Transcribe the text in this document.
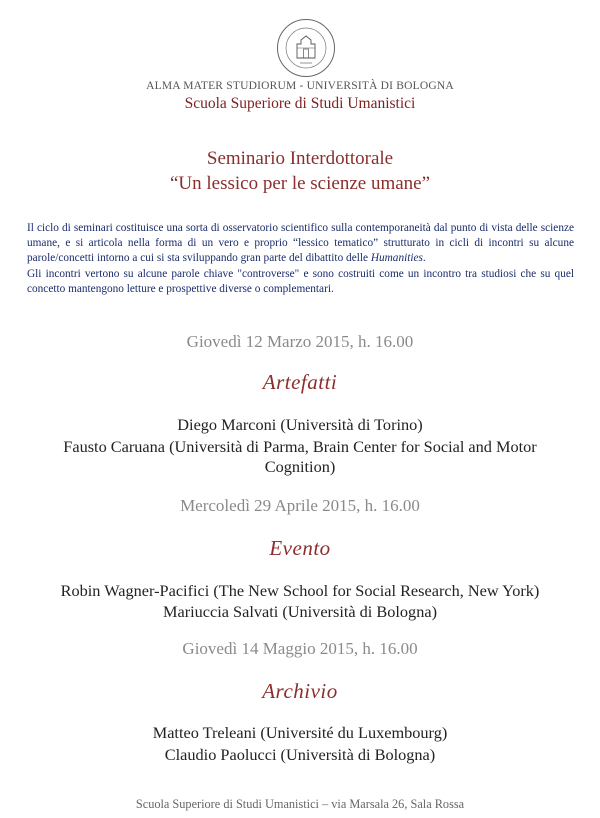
ALMA MATER STUDIORUM - UNIVERSITÀ DI BOLOGNA
Scuola Superiore di Studi Umanistici
Seminario Interdottorale
“Un lessico per le scienze umane”

Il ciclo di seminari costituisce una sorta di osservatorio scientifico sulla contemporaneità dal punto di vista delle scienze umane, e si articola nella forma di un vero e proprio “lessico tematico” strutturato in cicli di incontri su alcune parole/concetti intorno a cui si sta sviluppando gran parte del dibattito delle Humanities.

Gli incontri vertono su alcune parole chiave "controverse" e sono costruiti come un incontro tra studiosi che su quel concetto mantengono letture e prospettive diverse o complementari.

Giovedì 12 Marzo 2015, h. 16.00
Artefatti
Diego Marconi (Università di Torino)
Fausto Caruana (Università di Parma, Brain Center for Social and Motor Cognition)
Mercoledì 29 Aprile 2015, h. 16.00
Evento
Robin Wagner-Pacifici (The New School for Social Research, New York)
Mariuccia Salvati (Università di Bologna)
Giovedì 14 Maggio 2015, h. 16.00
Archivio
Matteo Treleani (Université du Luxembourg)
Claudio Paolucci (Università di Bologna)
Scuola Superiore di Studi Umanistici – via Marsala 26, Sala Rossa
